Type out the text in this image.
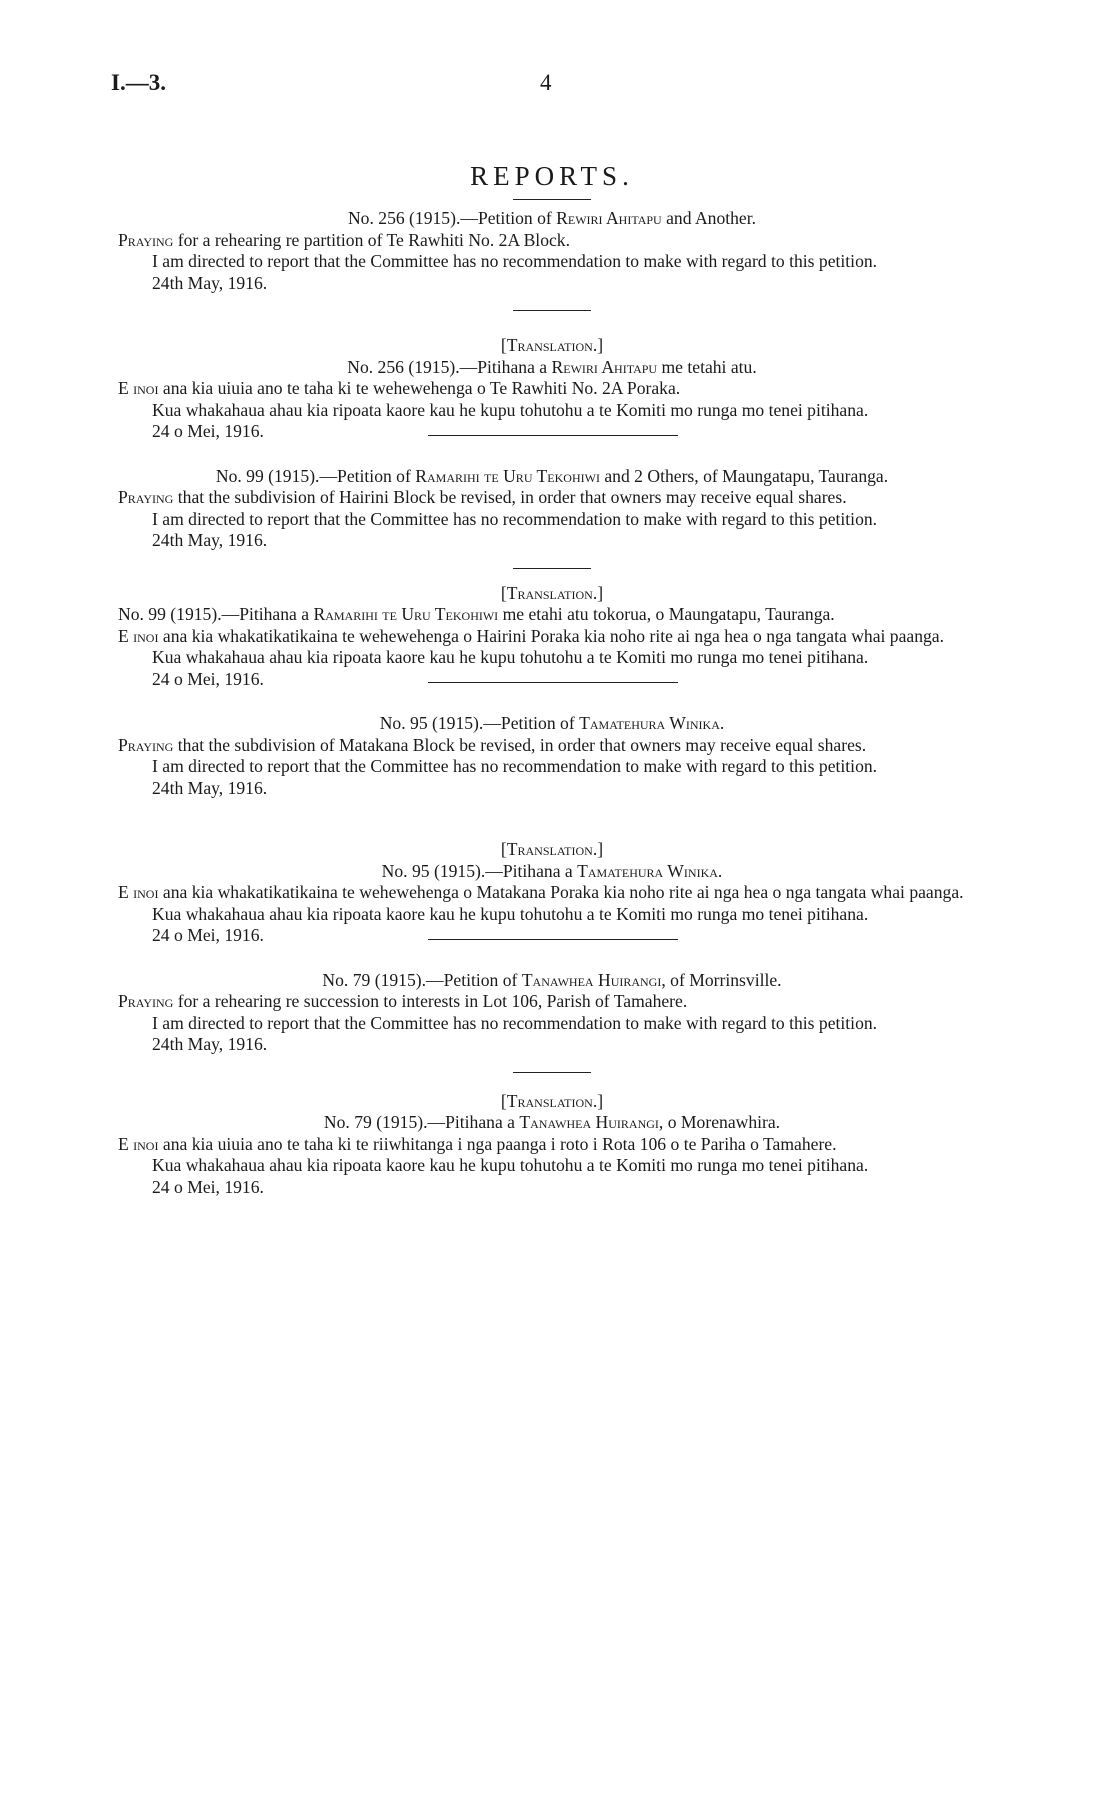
I.—3.	4
REPORTS.

No. 256 (1915).—Petition of Rewiri Ahitapu and Another.

Praying for a rehearing re partition of Te Rawhiti No. 2A Block.

I am directed to report that the Committee has no recommendation to make with regard to this petition.

24th May, 1916.

[Translation.]

No. 256 (1915).—Pitihana a Rewiri Ahitapu me tetahi atu.

E inoi ana kia uiuia ano te taha ki te wehewehenga o Te Rawhiti No. 2A Poraka.

Kua whakahaua ahau kia ripoata kaore kau he kupu tohutohu a te Komiti mo runga mo tenei pitihana.

24 o Mei, 1916.

No. 99 (1915).—Petition of Ramarihi te Uru Tekohiwi and 2 Others, of Maungatapu, Tauranga.

Praying that the subdivision of Hairini Block be revised, in order that owners may receive equal shares.

I am directed to report that the Committee has no recommendation to make with regard to this petition.

24th May, 1916.

[Translation.]

No. 99 (1915).—Pitihana a Ramarihi te Uru Tekohiwi me etahi atu tokorua, o Maungatapu, Tauranga.

E inoi ana kia whakatikatikaina te wehewehenga o Hairini Poraka kia noho rite ai nga hea o nga tangata whai paanga.

Kua whakahaua ahau kia ripoata kaore kau he kupu tohutohu a te Komiti mo runga mo tenei pitihana.

24 o Mei, 1916.

No. 95 (1915).—Petition of Tamatehura Winika.

Praying that the subdivision of Matakana Block be revised, in order that owners may receive equal shares.

I am directed to report that the Committee has no recommendation to make with regard to this petition.

24th May, 1916.

[Translation.]

No. 95 (1915).—Pitihana a Tamatehura Winika.

E inoi ana kia whakatikatikaina te wehewehenga o Matakana Poraka kia noho rite ai nga hea o nga tangata whai paanga.

Kua whakahaua ahau kia ripoata kaore kau he kupu tohutohu a te Komiti mo runga mo tenei pitihana.

24 o Mei, 1916.

No. 79 (1915).—Petition of Tanawhea Huirangi, of Morrinsville.

Praying for a rehearing re succession to interests in Lot 106, Parish of Tamahere.

I am directed to report that the Committee has no recommendation to make with regard to this petition.

24th May, 1916.

[Translation.]

No. 79 (1915).—Pitihana a Tanawhea Huirangi, o Morenawhira.

E inoi ana kia uiuia ano te taha ki te riiwhitanga i nga paanga i roto i Rota 106 o te Pariha o Tamahere.

Kua whakahaua ahau kia ripoata kaore kau he kupu tohutohu a te Komiti mo runga mo tenei pitihana.

24 o Mei, 1916.
